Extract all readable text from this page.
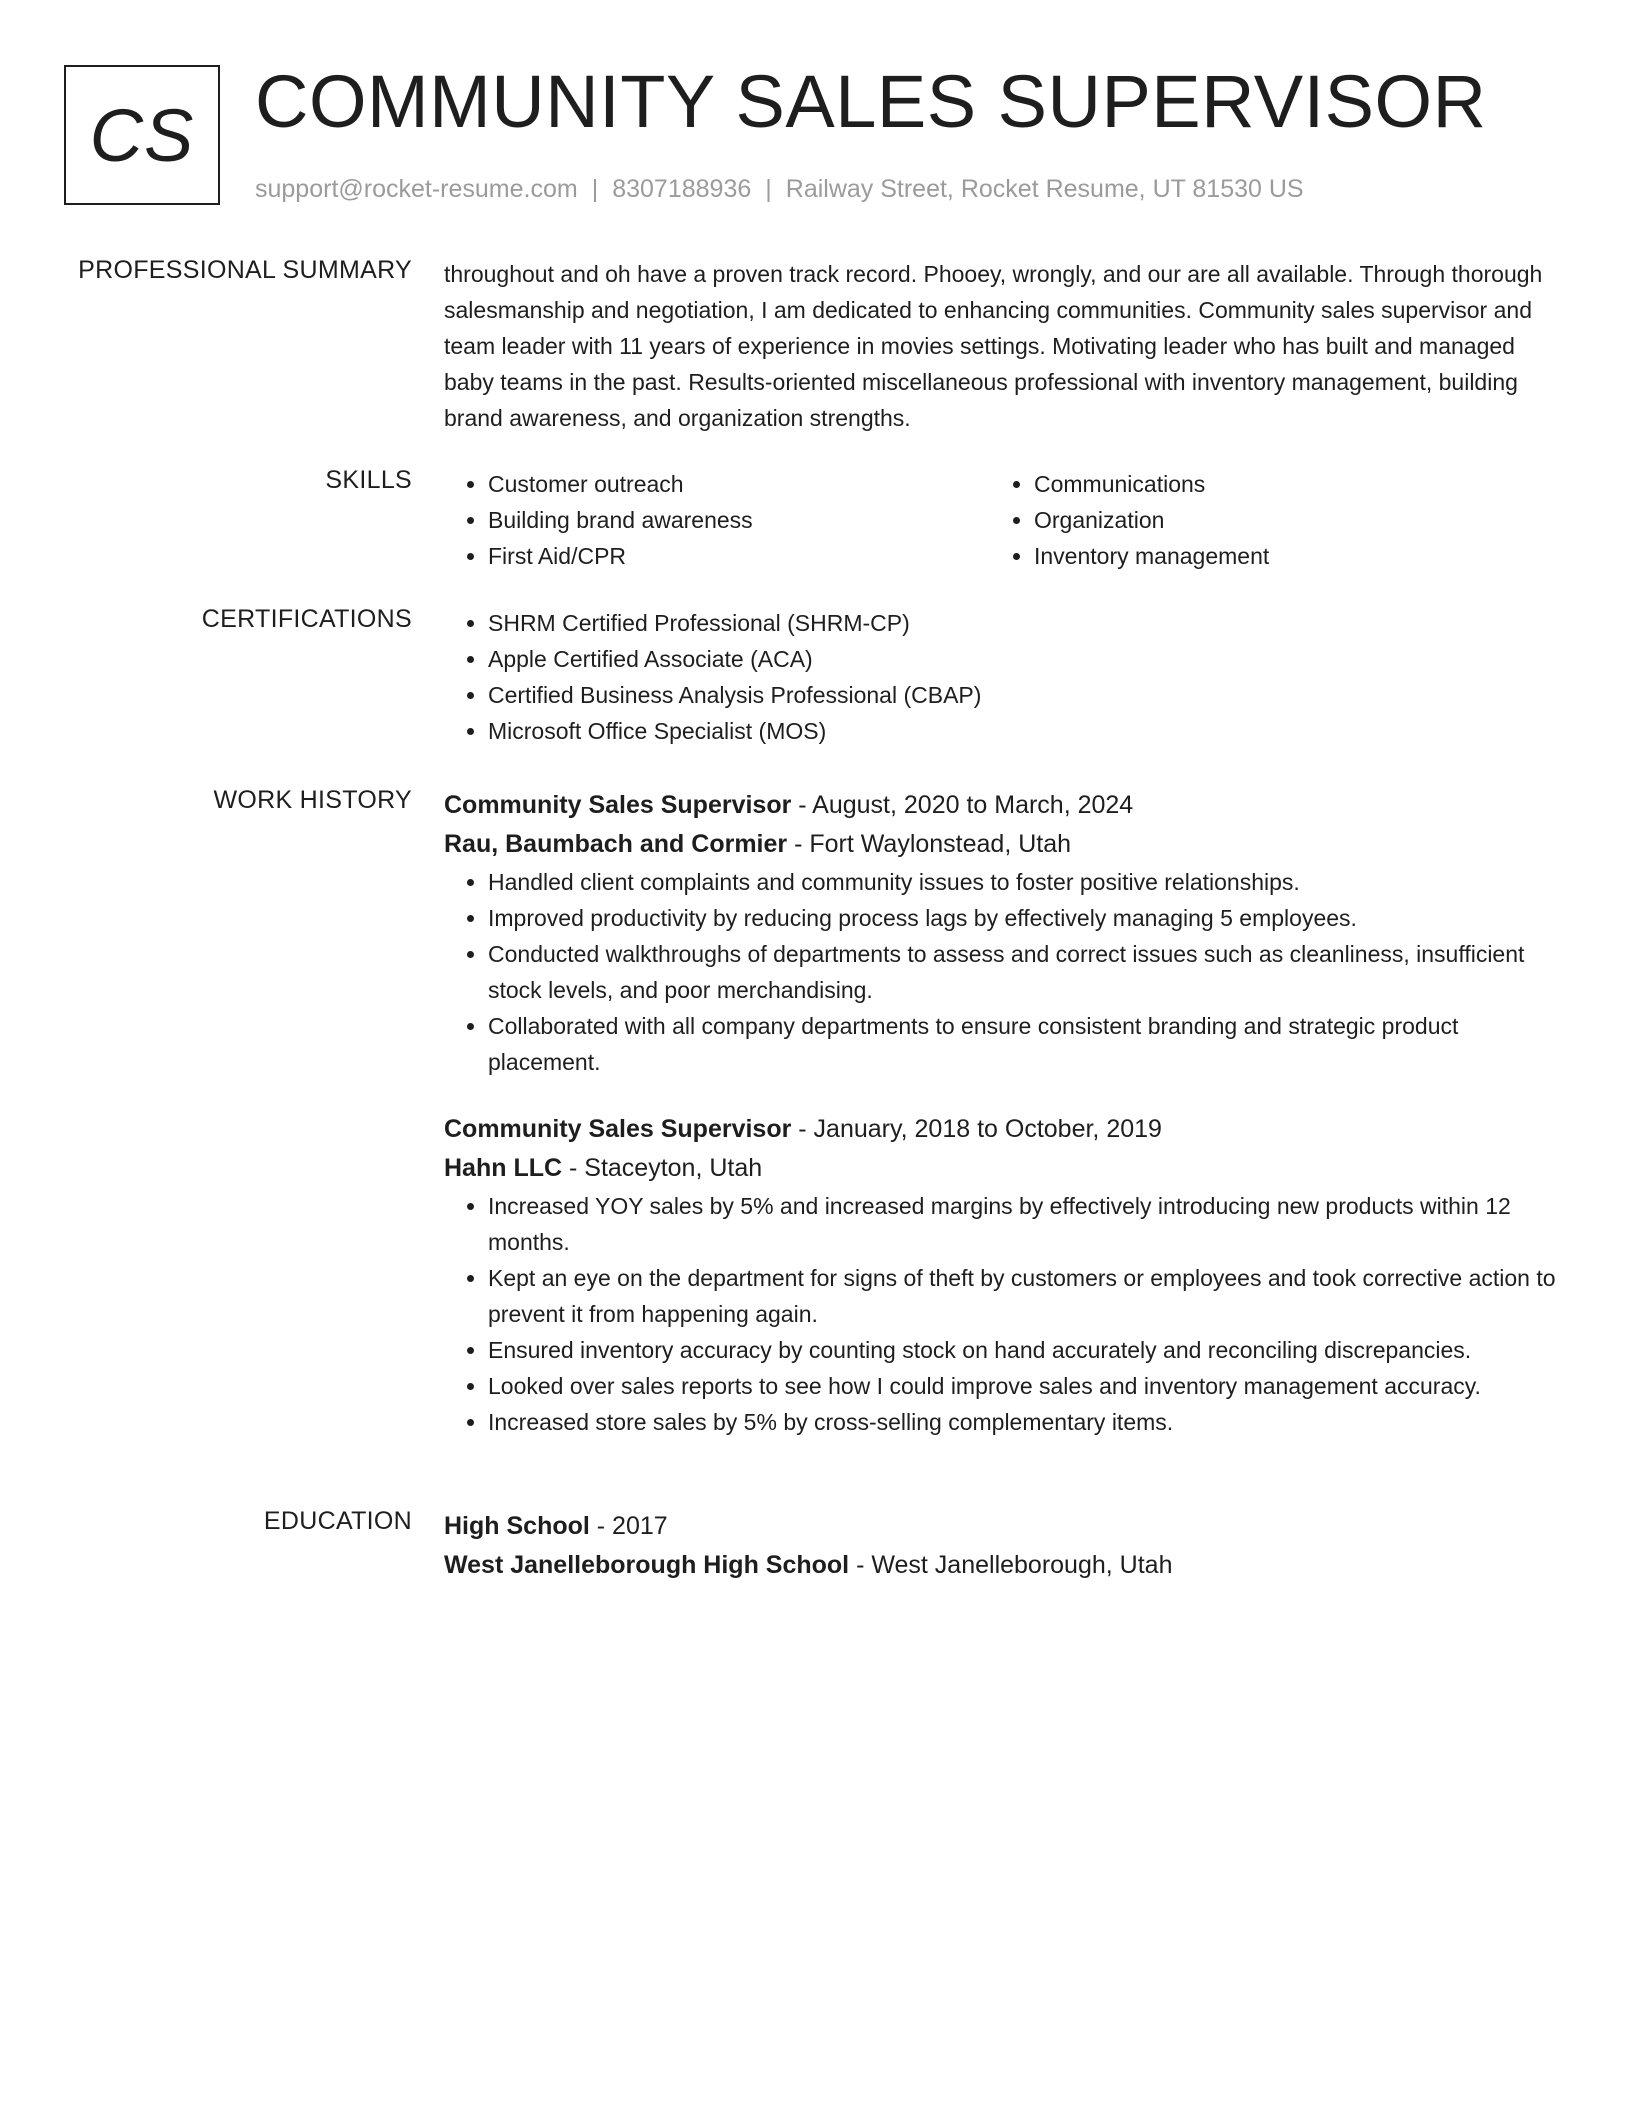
CS COMMUNITY SALES SUPERVISOR
support@rocket-resume.com | 8307188936 | Railway Street, Rocket Resume, UT 81530 US
PROFESSIONAL SUMMARY throughout and oh have a proven track record. Phooey, wrongly, and our are all available. Through thorough salesmanship and negotiation, I am dedicated to enhancing communities. Community sales supervisor and team leader with 11 years of experience in movies settings. Motivating leader who has built and managed baby teams in the past. Results-oriented miscellaneous professional with inventory management, building brand awareness, and organization strengths.

SKILLS	• Customer outreach
• Building brand awareness
• First Aid/CPR
• Communications
• Organization
• Inventory management
CERTIFICATIONS	• SHRM Certified Professional (SHRM-CP)
• Apple Certified Associate (ACA)
• Certified Business Analysis Professional (CBAP)
• Microsoft Office Specialist (MOS)
WORK HISTORY Community Sales Supervisor - August, 2020 to March, 2024
Rau, Baumbach and Cormier - Fort Waylonstead, Utah
• Handled client complaints and community issues to foster positive relationships.
• Improved productivity by reducing process lags by effectively managing 5 employees.
• Conducted walkthroughs of departments to assess and correct issues such as cleanliness, insufficient stock levels, and poor merchandising.
• Collaborated with all company departments to ensure consistent branding and strategic product placement.
Community Sales Supervisor - January, 2018 to October, 2019
Hahn LLC - Staceyton, Utah
• Increased YOY sales by 5% and increased margins by effectively introducing new products within 12 months.
• Kept an eye on the department for signs of theft by customers or employees and took corrective action to prevent it from happening again.
• Ensured inventory accuracy by counting stock on hand accurately and reconciling discrepancies.
• Looked over sales reports to see how I could improve sales and inventory management accuracy.
• Increased store sales by 5% by cross-selling complementary items.
EDUCATION High School - 2017
West Janelleborough High School - West Janelleborough, Utah
